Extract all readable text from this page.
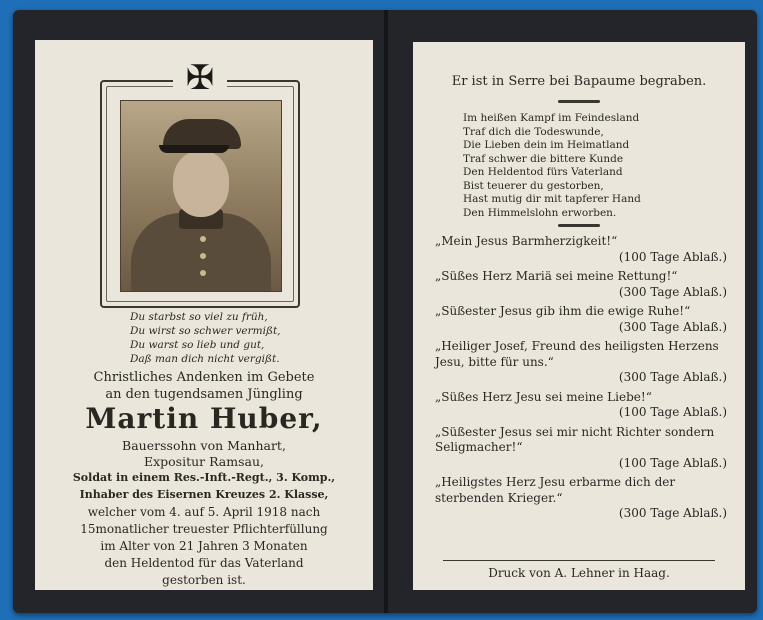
✠
Du starbst so viel zu früh,
Du wirst so schwer vermißt,
Du warst so lieb und gut,
Daß man dich nicht vergißt.
Christliches Andenken im Gebete
an den tugendsamen Jüngling
Martin Huber,
Bauerssohn von Manhart,
Expositur Ramsau,
Soldat in einem Res.-Inft.-Regt., 3. Komp.,
Inhaber des Eisernen Kreuzes 2. Klasse,
welcher vom 4. auf 5. April 1918 nach
15monatlicher treuester Pflichterfüllung
im Alter von 21 Jahren 3 Monaten
den Heldentod für das Vaterland
gestorben ist.
Er ist in Serre bei Bapaume begraben.
Im heißen Kampf im Feindesland
Traf dich die Todeswunde,
Die Lieben dein im Heimatland
Traf schwer die bittere Kunde
Den Heldentod fürs Vaterland
Bist teuerer du gestorben,
Hast mutig dir mit tapferer Hand
Den Himmelslohn erworben.
„Mein Jesus Barmherzigkeit!“
(100 Tage Ablaß.)
„Süßes Herz Mariä sei meine Rettung!“
(300 Tage Ablaß.)
„Süßester Jesus gib ihm die ewige Ruhe!“
(300 Tage Ablaß.)
„Heiliger Josef, Freund des heiligsten Herzens Jesu, bitte für uns.“
(300 Tage Ablaß.)
„Süßes Herz Jesu sei meine Liebe!“
(100 Tage Ablaß.)
„Süßester Jesus sei mir nicht Richter sondern Seligmacher!“
(100 Tage Ablaß.)
„Heiligstes Herz Jesu erbarme dich der sterbenden Krieger.“
(300 Tage Ablaß.)
Druck von A. Lehner in Haag.
